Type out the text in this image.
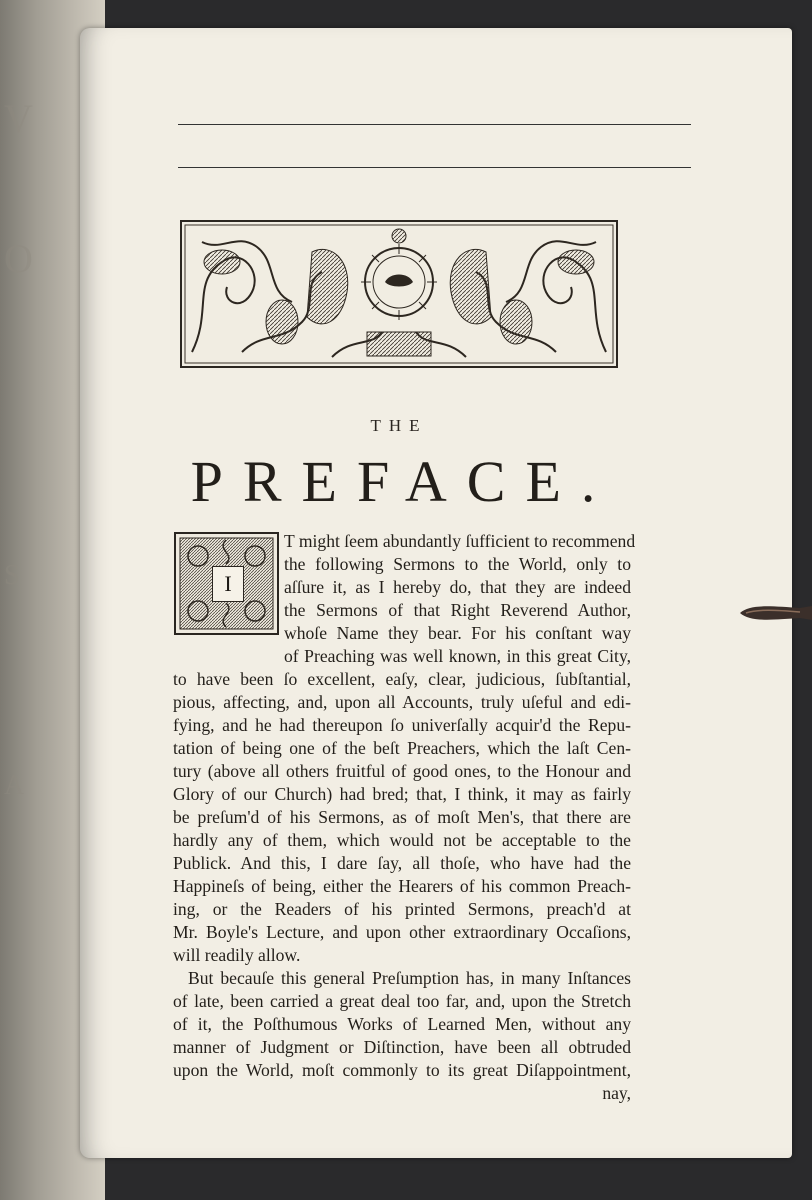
V
O
S
A
THE
PREFACE.
I
T might ſeem abundantly ſufficient to recommend
the following Sermons to the World, only to
aſſure it, as I hereby do, that they are indeed
the Sermons of that Right Reverend Author,
whoſe Name they bear. For his conſtant way
of Preaching was well known, in this great City,
to have been ſo excellent, eaſy, clear, judicious, ſubſtantial,
pious, affecting, and, upon all Accounts, truly uſeful and edi-
fying, and he had thereupon ſo univerſally acquir'd the Repu-
tation of being one of the beſt Preachers, which the laſt Cen-
tury (above all others fruitful of good ones, to the Honour and
Glory of our Church) had bred; that, I think, it may as fairly
be preſum'd of his Sermons, as of moſt Men's, that there are
hardly any of them, which would not be acceptable to the
Publick. And this, I dare ſay, all thoſe, who have had the
Happineſs of being, either the Hearers of his common Preach-
ing, or the Readers of his printed Sermons, preach'd at
Mr. Boyle's Lecture, and upon other extraordinary Occaſions,
will readily allow.
But becauſe this general Preſumption has, in many Inſtances
of late, been carried a great deal too far, and, upon the Stretch
of it, the Poſthumous Works of Learned Men, without any
manner of Judgment or Diſtinction, have been all obtruded
upon the World, moſt commonly to its great Diſappointment,
nay,
